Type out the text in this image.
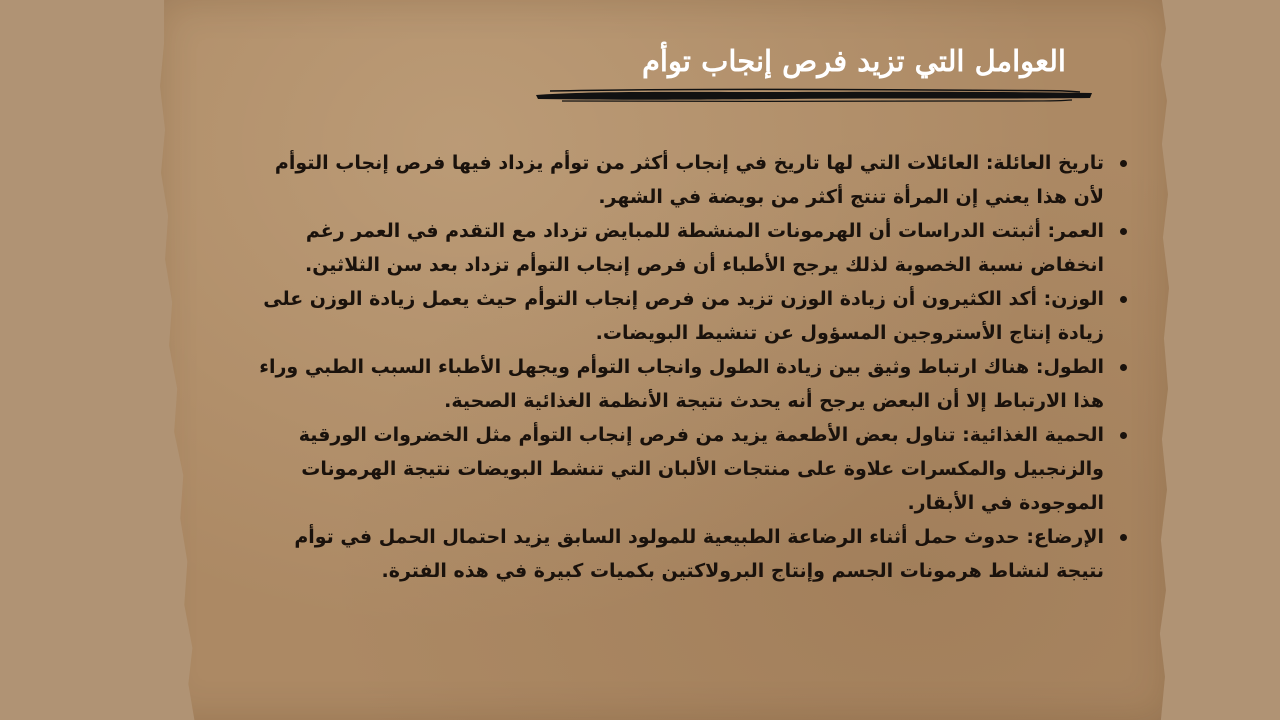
العوامل التي تزيد فرص إنجاب توأم
تاريخ العائلة: العائلات التي لها تاريخ في إنجاب أكثر من توأم يزداد فيها فرص إنجاب التوأم لأن هذا يعني إن المرأة تنتج أكثر من بويضة في الشهر.
العمر: أثبتت الدراسات أن الهرمونات المنشطة للمبايض تزداد مع التقدم في العمر رغم انخفاض نسبة الخصوبة لذلك يرجح الأطباء أن فرص إنجاب التوأم تزداد بعد سن الثلاثين.
الوزن: أكد الكثيرون أن زيادة الوزن تزيد من فرص إنجاب التوأم حيث يعمل زيادة الوزن على زيادة إنتاج الأستروجين المسؤول عن تنشيط البويضات.
الطول: هناك ارتباط وثيق بين زيادة الطول وانجاب التوأم ويجهل الأطباء السبب الطبي وراء هذا الارتباط إلا أن البعض يرجح أنه يحدث نتيجة الأنظمة الغذائية الصحية.
الحمية الغذائية: تناول بعض الأطعمة يزيد من فرص إنجاب التوأم مثل الخضروات الورقية والزنجبيل والمكسرات علاوة على منتجات الألبان التي تنشط البويضات نتيجة الهرمونات الموجودة في الأبقار.
الإرضاع: حدوث حمل أثناء الرضاعة الطبيعية للمولود السابق يزيد احتمال الحمل في توأم نتيجة لنشاط هرمونات الجسم وإنتاج البرولاكتين بكميات كبيرة في هذه الفترة.
